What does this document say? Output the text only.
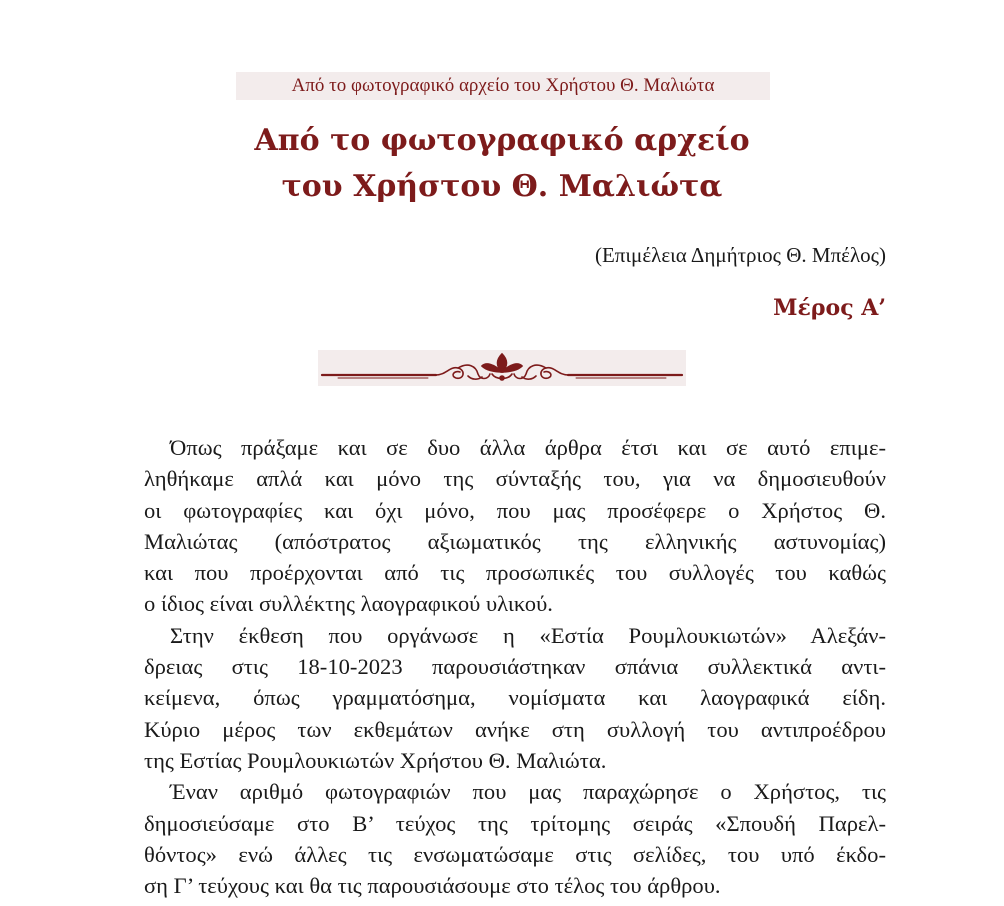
Από το φωτογραφικό αρχείο του Χρήστου Θ. Μαλιώτα
Από το φωτογραφικό αρχείο
του Χρήστου Θ. Μαλιώτα
(Επιμέλεια Δημήτριος Θ. Μπέλος)
Μέρος Α’
Όπως πράξαμε και σε δυο άλλα άρθρα έτσι και σε αυτό επιμε-
ληθήκαμε απλά και μόνο της σύνταξής του, για να δημοσιευθούν
οι φωτογραφίες και όχι μόνο, που μας προσέφερε ο Χρήστος Θ.
Μαλιώτας (απόστρατος αξιωματικός της ελληνικής αστυνομίας)
και που προέρχονται από τις προσωπικές του συλλογές του καθώς
ο ίδιος είναι συλλέκτης λαογραφικού υλικού.
Στην έκθεση που οργάνωσε η «Εστία Ρουμλουκιωτών» Αλεξάν-
δρειας στις 18-10-2023 παρουσιάστηκαν σπάνια συλλεκτικά αντι-
κείμενα, όπως γραμματόσημα, νομίσματα και λαογραφικά είδη.
Κύριο μέρος των εκθεμάτων ανήκε στη συλλογή του αντιπροέδρου
της Εστίας Ρουμλουκιωτών Χρήστου Θ. Μαλιώτα.
Έναν αριθμό φωτογραφιών που μας παραχώρησε ο Χρήστος, τις
δημοσιεύσαμε στο Β’ τεύχος της τρίτομης σειράς «Σπουδή Παρελ-
θόντος» ενώ άλλες τις ενσωματώσαμε στις σελίδες, του υπό έκδο-
ση Γ’ τεύχους και θα τις παρουσιάσουμε στο τέλος του άρθρου.
